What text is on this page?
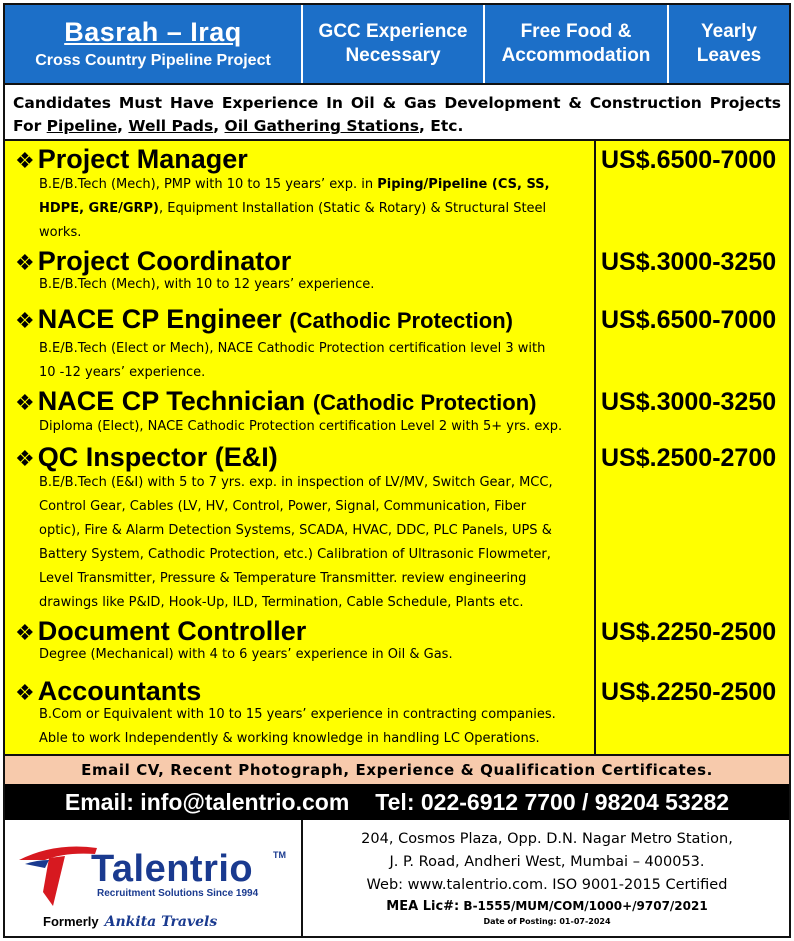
Basrah – Iraq
Cross Country Pipeline Project
GCC Experience
Necessary
Free Food &
Accommodation
Yearly
Leaves
Candidates Must Have Experience In Oil & Gas Development & Construction Projects For Pipeline, Well Pads, Oil Gathering Stations, Etc.
❖ Project Manager
B.E/B.Tech (Mech), PMP with 10 to 15 years’ exp. in Piping/Pipeline (CS, SS,
HDPE, GRE/GRP), Equipment Installation (Static & Rotary) & Structural Steel
works.
US$.6500-7000
❖ Project Coordinator
B.E/B.Tech (Mech), with 10 to 12 years’ experience.
US$.3000-3250
❖ NACE CP Engineer (Cathodic Protection)
B.E/B.Tech (Elect or Mech), NACE Cathodic Protection certification level 3 with
10 -12 years’ experience.
US$.6500-7000
❖ NACE CP Technician (Cathodic Protection)
Diploma (Elect), NACE Cathodic Protection certification Level 2 with 5+ yrs. exp.
US$.3000-3250
❖ QC Inspector (E&I)
B.E/B.Tech (E&I) with 5 to 7 yrs. exp. in inspection of LV/MV, Switch Gear, MCC,
Control Gear, Cables (LV, HV, Control, Power, Signal, Communication, Fiber
optic), Fire & Alarm Detection Systems, SCADA, HVAC, DDC, PLC Panels, UPS &
Battery System, Cathodic Protection, etc.) Calibration of Ultrasonic Flowmeter,
Level Transmitter, Pressure & Temperature Transmitter. review engineering
drawings like P&ID, Hook-Up, ILD, Termination, Cable Schedule, Plants etc.
US$.2500-2700
❖ Document Controller
Degree (Mechanical) with 4 to 6 years’ experience in Oil & Gas.
US$.2250-2500
❖ Accountants
B.Com or Equivalent with 10 to 15 years’ experience in contracting companies.
Able to work Independently & working knowledge in handling LC Operations.
US$.2250-2500
Email CV, Recent Photograph, Experience & Qualification Certificates.
Email: info@talentrio.com Tel: 022-6912 7700 / 98204 53282
Talentrio TM
Recruitment Solutions Since 1994
Formerly Ankita Travels
204, Cosmos Plaza, Opp. D.N. Nagar Metro Station,
J. P. Road, Andheri West, Mumbai – 400053.
Web: www.talentrio.com. ISO 9001-2015 Certified
MEA Lic#: B-1555/MUM/COM/1000+/9707/2021
Date of Posting: 01-07-2024
